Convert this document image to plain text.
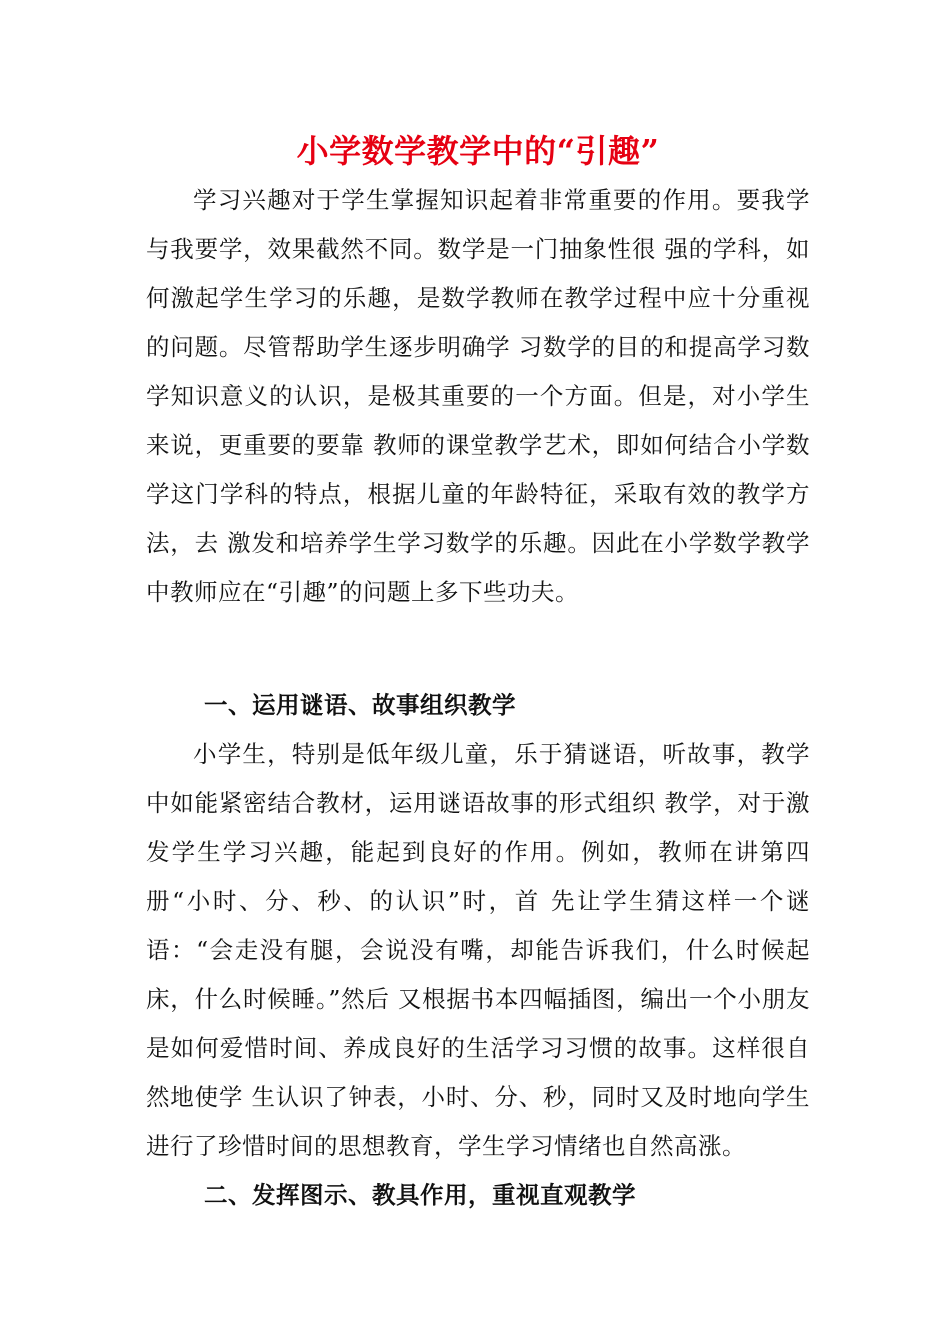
小学数学教学中的“引趣”

学习兴趣对于学生掌握知识起着非常重要的作用。要我学与我要学，效果截然不同。数学是一门抽象性很 强的学科，如何激起学生学习的乐趣，是数学教师在教学过程中应十分重视的问题。尽管帮助学生逐步明确学 习数学的目的和提高学习数学知识意义的认识，是极其重要的一个方面。但是，对小学生来说，更重要的要靠 教师的课堂教学艺术，即如何结合小学数学这门学科的特点，根据儿童的年龄特征，采取有效的教学方法，去 激发和培养学生学习数学的乐趣。因此在小学数学教学中教师应在“引趣”的问题上多下些功夫。

一、运用谜语、故事组织教学

小学生，特别是低年级儿童，乐于猜谜语，听故事，教学中如能紧密结合教材，运用谜语故事的形式组织 教学，对于激发学生学习兴趣，能起到良好的作用。例如，教师在讲第四册“小时、分、秒、的认识”时，首 先让学生猜这样一个谜语：“会走没有腿，会说没有嘴，却能告诉我们，什么时候起床，什么时候睡。”然后 又根据书本四幅插图，编出一个小朋友是如何爱惜时间、养成良好的生活学习习惯的故事。这样很自然地使学 生认识了钟表，小时、分、秒，同时又及时地向学生进行了珍惜时间的思想教育，学生学习情绪也自然高涨。

二、发挥图示、教具作用，重视直观教学
